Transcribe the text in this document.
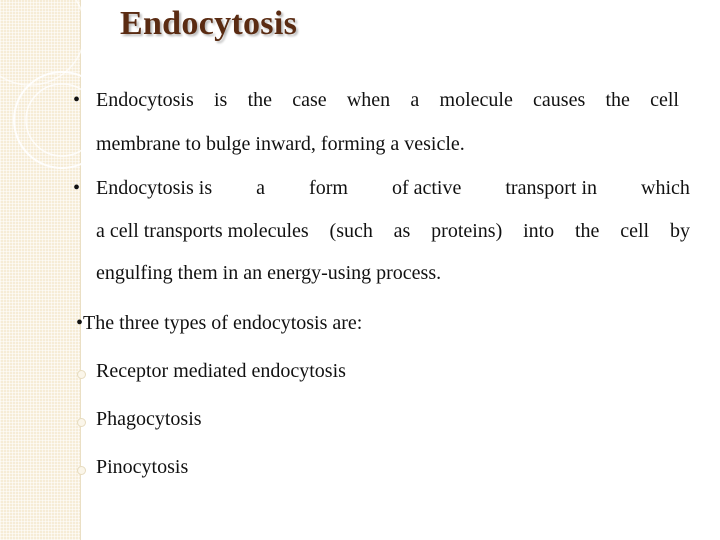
Endocytosis
• Endocytosis is the case when a molecule causes the cell
membrane to bulge inward, forming a vesicle.
• Endocytosis is a form of active transport in which
a cell transports molecules (such as proteins) into the cell by
engulfing them in an energy-using process.
•The three types of endocytosis are:
Receptor mediated endocytosis
Phagocytosis
Pinocytosis
